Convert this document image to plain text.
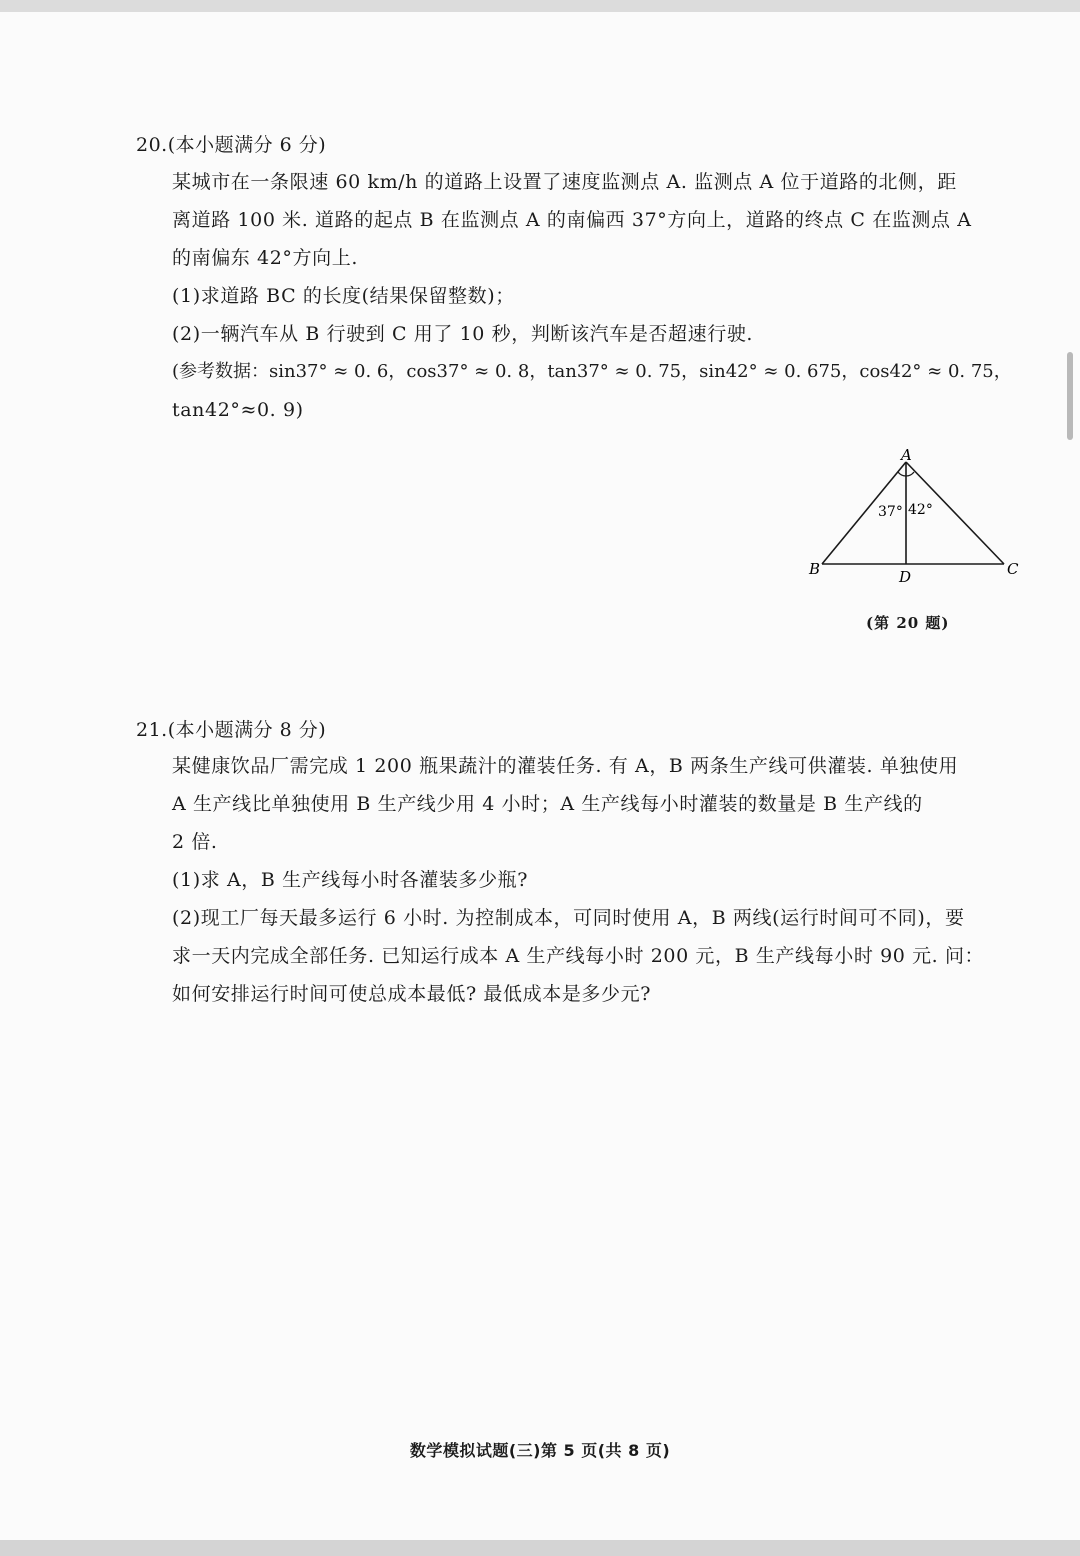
20.(本小题满分 6 分)
某城市在一条限速 60 km/h 的道路上设置了速度监测点 A. 监测点 A 位于道路的北侧，距
离道路 100 米. 道路的起点 B 在监测点 A 的南偏西 37°方向上，道路的终点 C 在监测点 A
的南偏东 42°方向上.
(1)求道路 BC 的长度(结果保留整数)；
(2)一辆汽车从 B 行驶到 C 用了 10 秒，判断该汽车是否超速行驶.
(参考数据：sin37° ≈ 0. 6，cos37° ≈ 0. 8，tan37° ≈ 0. 75，sin42° ≈ 0. 675，cos42° ≈ 0. 75，
tan42°≈0. 9)
A
B	C
D
37° 42°
(第 20 题)
21.(本小题满分 8 分)
某健康饮品厂需完成 1 200 瓶果蔬汁的灌装任务. 有 A，B 两条生产线可供灌装. 单独使用
A 生产线比单独使用 B 生产线少用 4 小时；A 生产线每小时灌装的数量是 B 生产线的
2 倍.
(1)求 A，B 生产线每小时各灌装多少瓶?
(2)现工厂每天最多运行 6 小时. 为控制成本，可同时使用 A，B 两线(运行时间可不同)，要
求一天内完成全部任务. 已知运行成本 A 生产线每小时 200 元，B 生产线每小时 90 元. 问：
如何安排运行时间可使总成本最低? 最低成本是多少元?
数学模拟试题(三)第 5 页(共 8 页)
